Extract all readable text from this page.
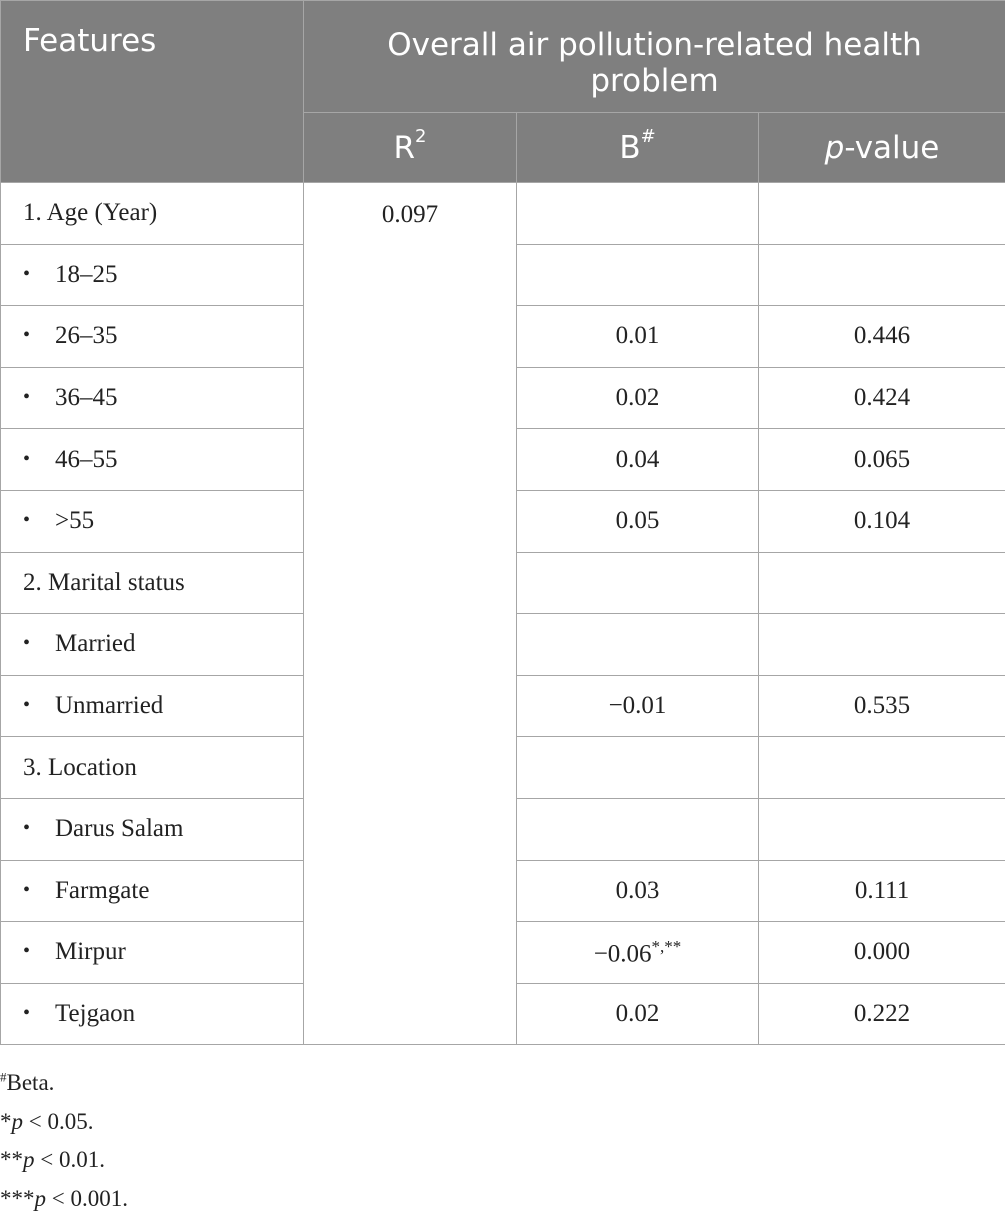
Features	Overall air pollution-related health problem		
	$R^2$	B#	p-value
1. Age (Year)	0.097		
• 18–25			
• 26–35		0.01	0.446
• 36–45		0.02	0.424
• 46–55		0.04	0.065
• >55		0.05	0.104
2. Marital status			
• Married			
• Unmarried		−0.01	0.535
3. Location			
• Darus Salam			
• Farmgate		0.03	0.111
• Mirpur		−0.06*,**	0.000
• Tejgaon		0.02	0.222
#Beta.
*p < 0.05.
**p < 0.01.
***p < 0.001.
